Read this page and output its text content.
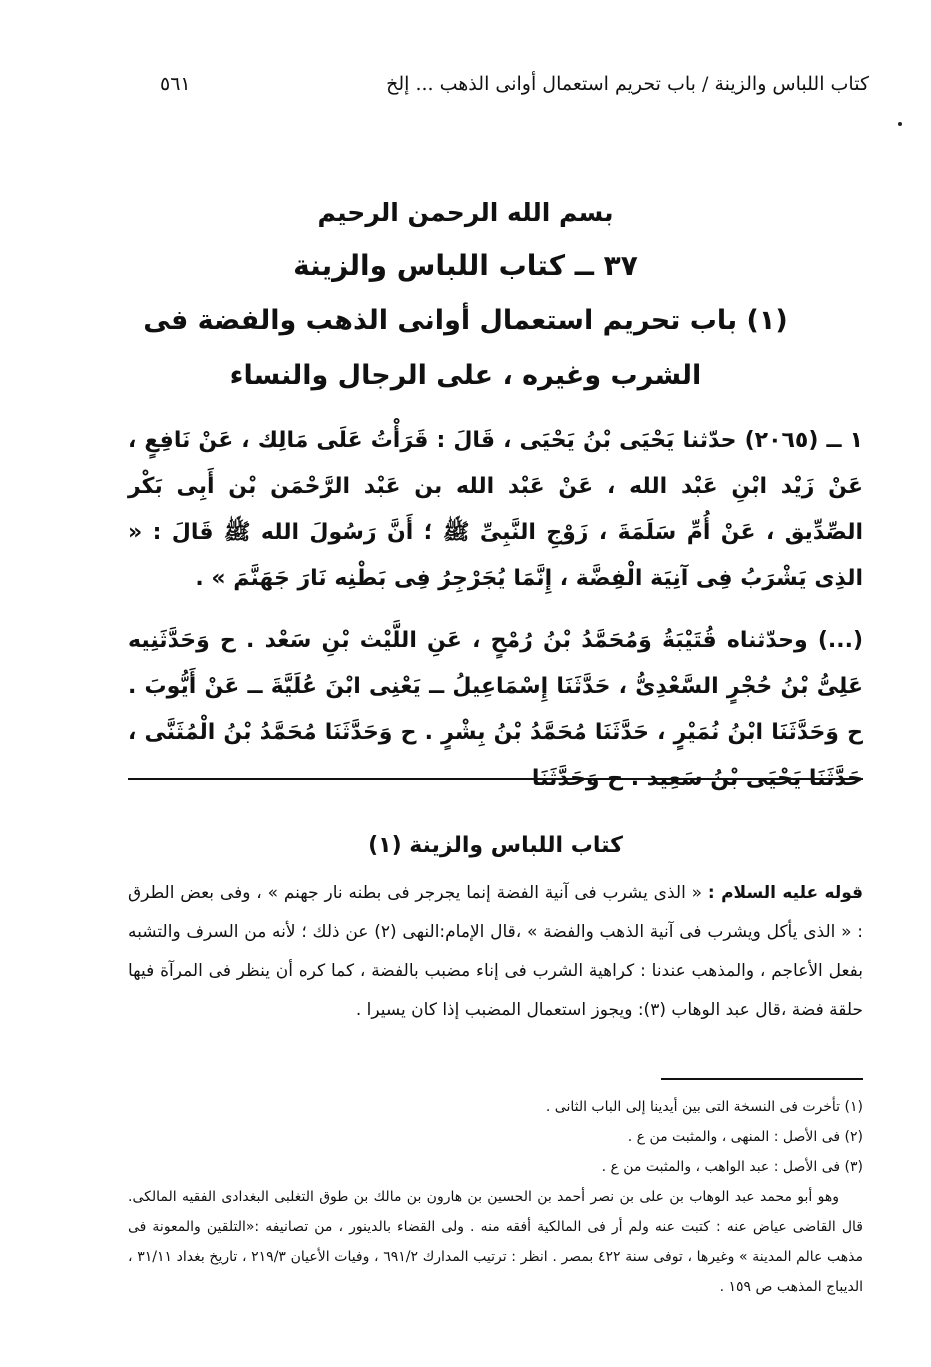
كتاب اللباس والزينة / باب تحريم استعمال أوانى الذهب ... إلخ
٥٦١
بسم الله الرحمن الرحيم
٣٧ ــ كتاب اللباس والزينة
(١) باب تحريم استعمال أوانى الذهب والفضة فى
الشرب وغيره ، على الرجال والنساء

١ ــ (٢٠٦٥) حدّثنا يَحْيَى بْنُ يَحْيَى ، قَالَ : قَرَأْتُ عَلَى مَالِك ، عَنْ نَافِعٍ ، عَنْ زَيْد ابْنِ عَبْد الله ، عَنْ عَبْد الله بن عَبْد الرَّحْمَن بْن أَبِى بَكْر الصِّدِّيق ، عَنْ أُمِّ سَلَمَةَ ، زَوْجِ النَّبِىِّ ﷺ ؛ أَنَّ رَسُولَ الله ﷺ قَالَ : « الذِى يَشْرَبُ فِى آنِيَة الْفِضَّة ، إِنَّمَا يُجَرْجِرُ فِى بَطْنِه نَارَ جَهَنَّمَ » .

(...) وحدّثناه قُتَيْبَةُ وَمُحَمَّدُ بْنُ رُمْحٍ ، عَنِ اللَّيْث بْنِ سَعْد . ح وَحَدَّثَنِيه عَلِىُّ بْنُ حُجْرٍ السَّعْدِىُّ ، حَدَّثَنَا إِسْمَاعِيلُ ــ يَعْنِى ابْنَ عُلَيَّةَ ــ عَنْ أَيُّوبَ . ح وَحَدَّثَنَا ابْنُ نُمَيْرٍ ، حَدَّثَنَا مُحَمَّدُ بْنُ بِشْرٍ . ح وَحَدَّثَنَا مُحَمَّدُ بْنُ الْمُثَنَّى ، حَدَّثَنَا يَحْيَى بْنُ سَعِيد . ح وَحَدَّثَنَا

كتاب اللباس والزينة (١)

قوله عليه السلام : « الذى يشرب فى آنية الفضة إنما يجرجر فى بطنه نار جهنم » ، وفى بعض الطرق : « الذى يأكل ويشرب فى آنية الذهب والفضة » ،قال الإمام:النهى (٢) عن ذلك ؛ لأنه من السرف والتشبه بفعل الأعاجم ، والمذهب عندنا : كراهية الشرب فى إناء مضبب بالفضة ، كما كره أن ينظر فى المرآة فيها حلقة فضة ،قال عبد الوهاب (٣): ويجوز استعمال المضبب إذا كان يسيرا .

(١) تأخرت فى النسخة التى بين أيدينا إلى الباب الثانى .

(٢) فى الأصل : المنهى ، والمثبت من ع .

(٣) فى الأصل : عبد الواهب ، والمثبت من ع .

وهو أبو محمد عبد الوهاب بن على بن نصر أحمد بن الحسين بن هارون بن مالك بن طوق التغلبى البغدادى الفقيه المالكى. قال القاضى عياض عنه : كتبت عنه ولم أر فى المالكية أفقه منه . ولى القضاء بالدينور ، من تصانيفه :«التلقين والمعونة فى مذهب عالم المدينة » وغيرها ، توفى سنة ٤٢٢ بمصر . انظر : ترتيب المدارك ٦٩١/٢ ، وفيات الأعيان ٢١٩/٣ ، تاريخ بغداد ٣١/١١ ، الديباج المذهب ص ١٥٩ .
